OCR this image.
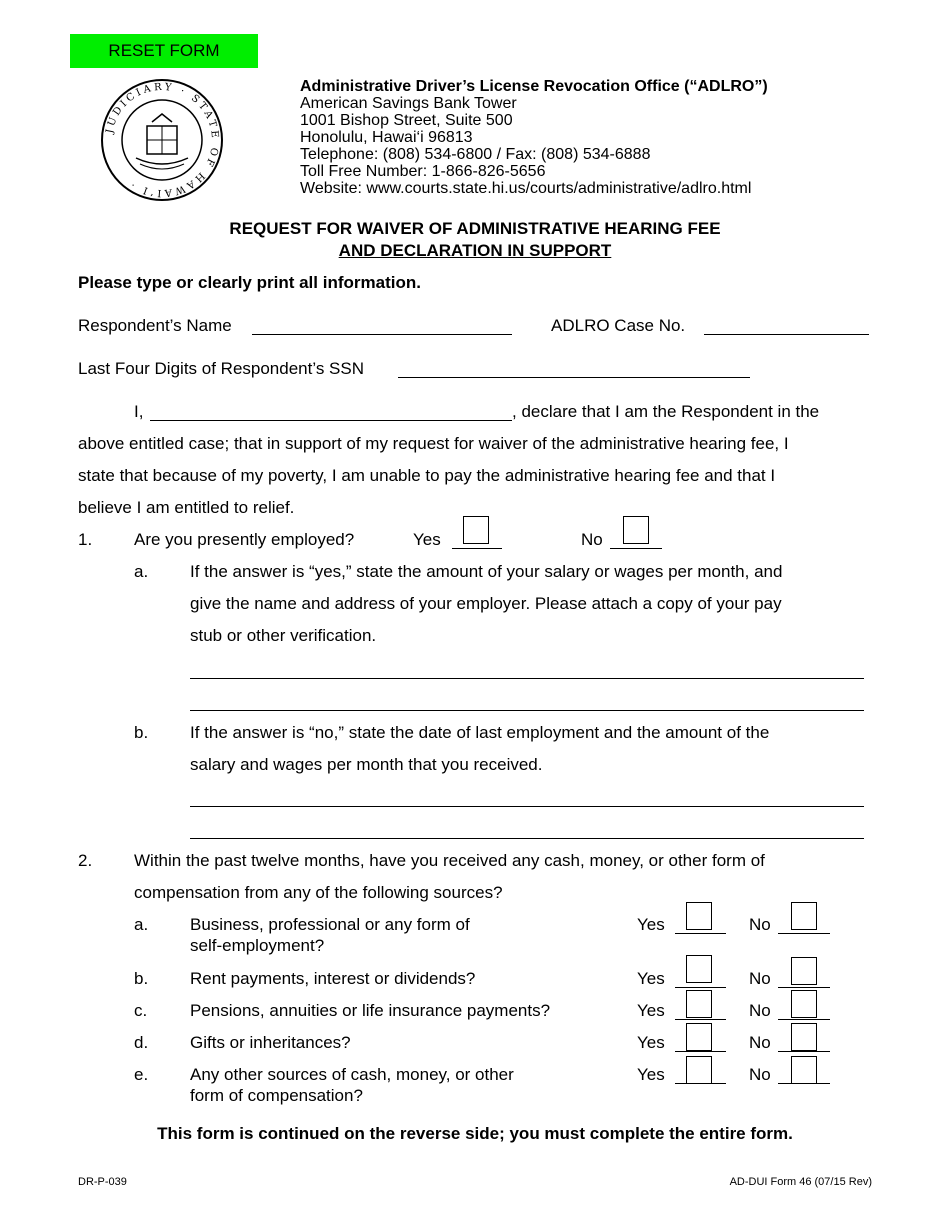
RESET FORM
JUDICIARY · STATE OF HAWAI‘I ·
Administrative Driver’s License Revocation Office (“ADLRO”)
American Savings Bank Tower
1001 Bishop Street, Suite 500
Honolulu, Hawai‘i 96813
Telephone: (808) 534-6800 / Fax: (808) 534-6888
Toll Free Number: 1-866-826-5656
Website: www.courts.state.hi.us/courts/administrative/adlro.html
REQUEST FOR WAIVER OF ADMINISTRATIVE HEARING FEE
AND DECLARATION IN SUPPORT
Please type or clearly print all information.
Respondent’s Name	ADLRO Case No.
Last Four Digits of Respondent’s SSN
I,	, declare that I am the Respondent in the
above entitled case; that in support of my request for waiver of the administrative hearing fee, I
state that because of my poverty, I am unable to pay the administrative hearing fee and that I
believe I am entitled to relief.
1. Are you presently employed?	Yes	No
a. If the answer is “yes,” state the amount of your salary or wages per month, and
give the name and address of your employer. Please attach a copy of your pay
stub or other verification.
b. If the answer is “no,” state the date of last employment and the amount of the
salary and wages per month that you received.
2. Within the past twelve months, have you received any cash, money, or other form of
compensation from any of the following sources?
a. Business, professional or any form of
self-employment?
Yes	No
b. Rent payments, interest or dividends?	Yes	No
c.	Pensions, annuities or life insurance payments?	Yes	No
d. Gifts or inheritances?	Yes	No
e. Any other sources of cash, money, or other
form of compensation?
Yes	No
This form is continued on the reverse side; you must complete the entire form.
DR-P-039	AD-DUI Form 46 (07/15 Rev)
